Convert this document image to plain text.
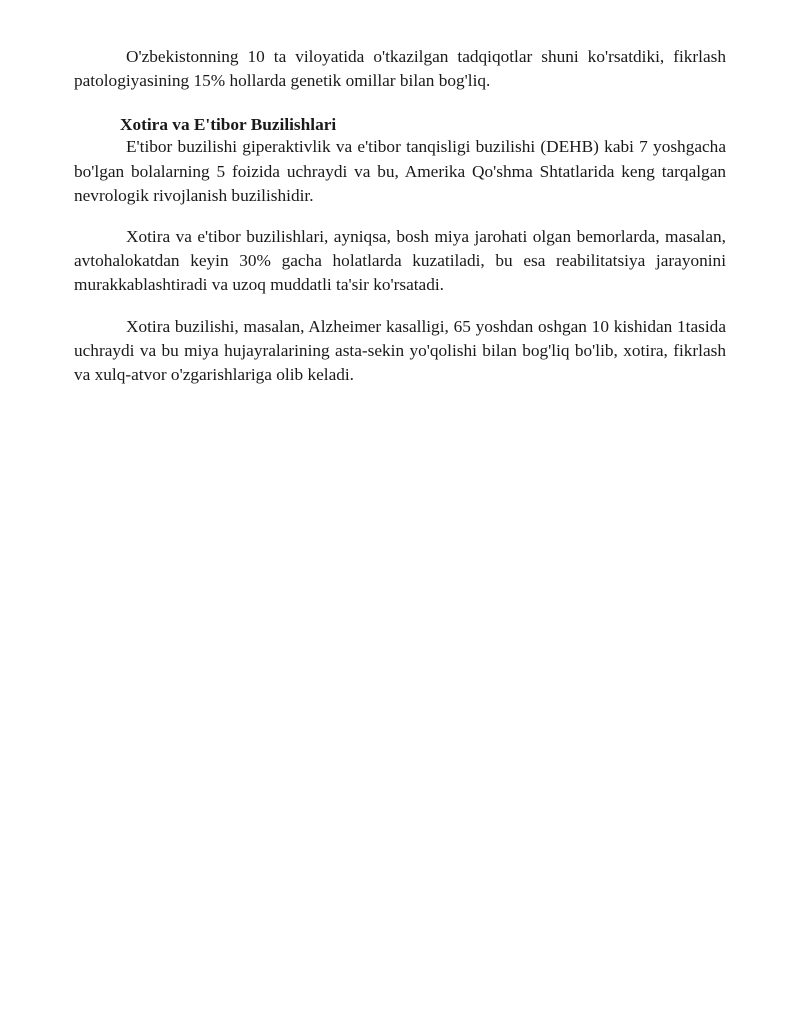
O'zbekistonning 10 ta viloyatida o'tkazilgan tadqiqotlar shuni ko'rsatdiki, fikrlash patologiyasining 15% hollarda genetik omillar bilan bog'liq.

Xotira va E'tibor Buzilishlari

E'tibor buzilishi giperaktivlik va e'tibor tanqisligi buzilishi (DEHB) kabi 7 yoshgacha bo'lgan bolalarning 5 foizida uchraydi va bu, Amerika Qo'shma Shtatlarida keng tarqalgan nevrologik rivojlanish buzilishidir.

Xotira va e'tibor buzilishlari, ayniqsa, bosh miya jarohati olgan bemorlarda, masalan, avtohalokatdan keyin 30% gacha holatlarda kuzatiladi, bu esa reabilitatsiya jarayonini murakkablashtiradi va uzoq muddatli ta'sir ko'rsatadi.

Xotira buzilishi, masalan, Alzheimer kasalligi, 65 yoshdan oshgan 10 kishidan 1tasida uchraydi va bu miya hujayralarining asta-sekin yo'qolishi bilan bog'liq bo'lib, xotira, fikrlash va xulq-atvor o'zgarishlariga olib keladi.
